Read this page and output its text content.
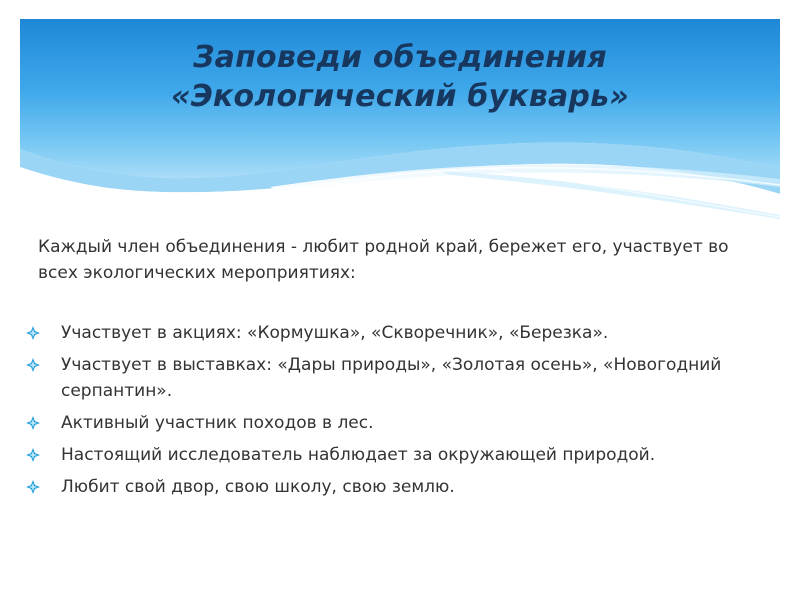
Заповеди объединения
«Экологический букварь»
Каждый член объединения - любит родной край, бережет его, участвует во всех экологических мероприятиях:
Участвует в акциях: «Кормушка», «Скворечник», «Березка».
Участвует в выставках: «Дары природы», «Золотая осень», «Новогодний серпантин».
Активный участник походов в лес.
Настоящий исследователь наблюдает за окружающей природой.
Любит свой двор, свою школу, свою землю.
